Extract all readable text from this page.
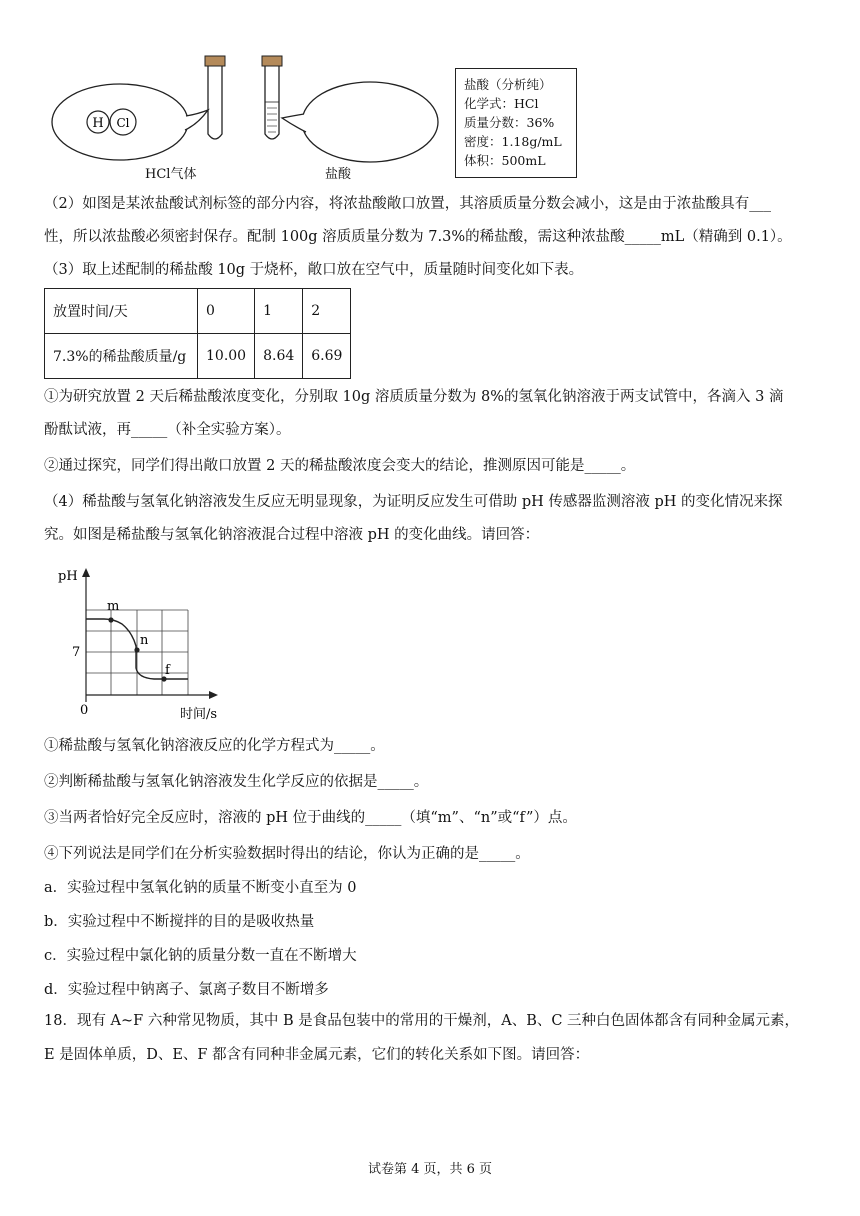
H Cl
HCl气体	盐酸
盐酸（分析纯）
化学式：HCl
质量分数：36%
密度：1.18g/mL
体积：500mL
（2）如图是某浓盐酸试剂标签的部分内容，将浓盐酸敞口放置，其溶质质量分数会减小，这是由于浓盐酸具有___
性，所以浓盐酸必须密封保存。配制 100g 溶质质量分数为 7.3%的稀盐酸，需这种浓盐酸_____mL（精确到 0.1）。
（3）取上述配制的稀盐酸 10g 于烧杯，敞口放在空气中，质量随时间变化如下表。
放置时间/天	0	1	2
7.3%的稀盐酸质量/g	10.00	8.64	6.69
①为研究放置 2 天后稀盐酸浓度变化，分别取 10g 溶质质量分数为 8%的氢氧化钠溶液于两支试管中，各滴入 3 滴
酚酞试液，再_____（补全实验方案）。
②通过探究，同学们得出敞口放置 2 天的稀盐酸浓度会变大的结论，推测原因可能是_____。
（4）稀盐酸与氢氧化钠溶液发生反应无明显现象，为证明反应发生可借助 pH 传感器监测溶液 pH 的变化情况来探
究。如图是稀盐酸与氢氧化钠溶液混合过程中溶液 pH 的变化曲线。请回答：
pH
7
0	时间/s
m
n
f
①稀盐酸与氢氧化钠溶液反应的化学方程式为_____。
②判断稀盐酸与氢氧化钠溶液发生化学反应的依据是_____。
③当两者恰好完全反应时，溶液的 pH 位于曲线的_____（填“m”、“n”或“f”）点。
④下列说法是同学们在分析实验数据时得出的结论，你认为正确的是_____。
a．实验过程中氢氧化钠的质量不断变小直至为 0
b．实验过程中不断搅拌的目的是吸收热量
c．实验过程中氯化钠的质量分数一直在不断增大
d．实验过程中钠离子、氯离子数目不断增多
18．现有 A~F 六种常见物质，其中 B 是食品包装中的常用的干燥剂，A、B、C 三种白色固体都含有同种金属元素，
E 是固体单质，D、E、F 都含有同种非金属元素，它们的转化关系如下图。请回答：
试卷第 4 页，共 6 页
